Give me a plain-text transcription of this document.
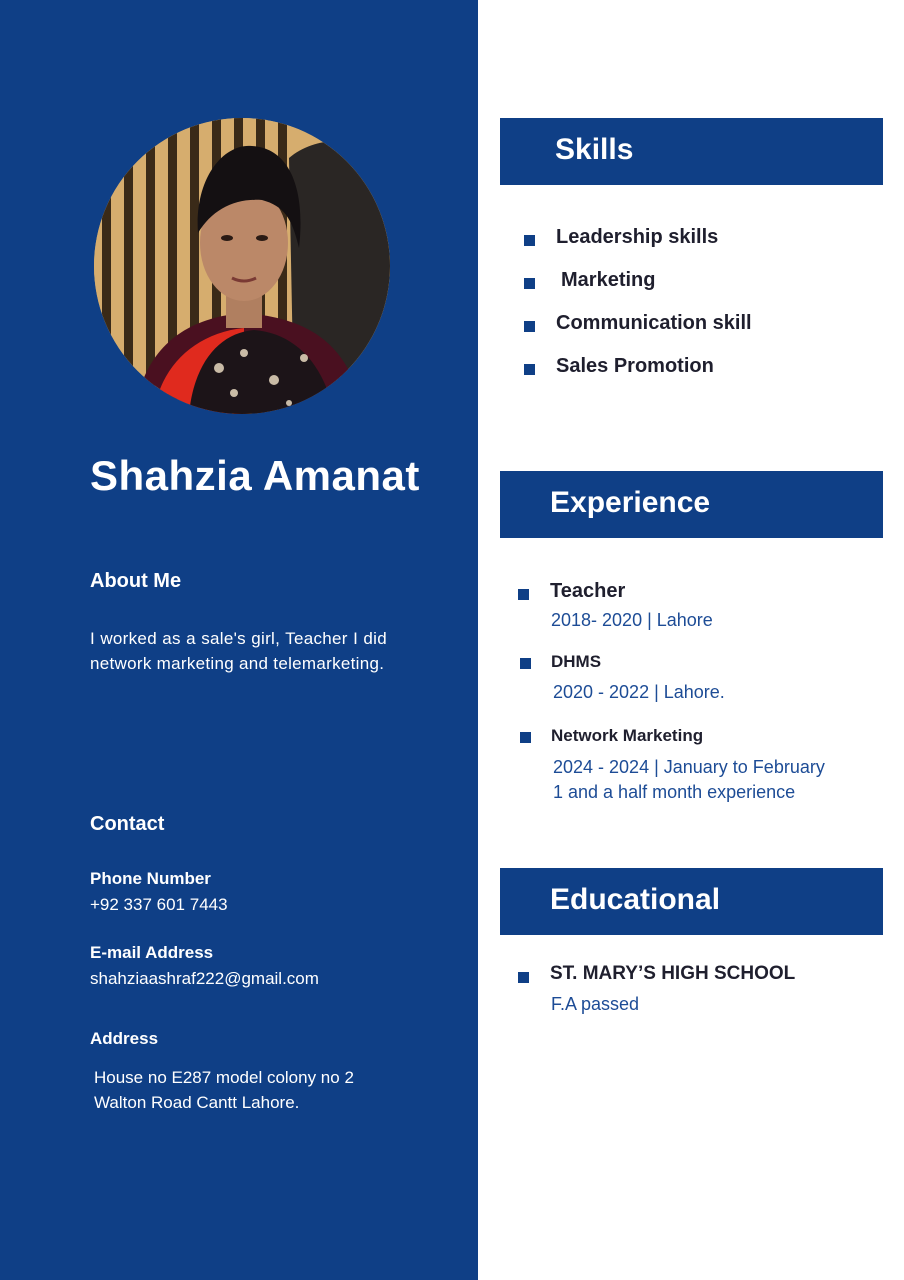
Shahzia Amanat
About Me

I worked as a sale's girl, Teacher I did network marketing and telemarketing.

Contact

Phone Number

+92 337 601 7443

E-mail Address

shahziaashraf222@gmail.com

Address

House no E287 model colony no 2 Walton Road Cantt Lahore.

Skills

Leadership skills

Marketing

Communication skill

Sales Promotion

Experience

Teacher

2018- 2020 | Lahore

DHMS

2020 - 2022 | Lahore.

Network Marketing

2024 - 2024 | January to February 1 and a half month experience

Educational

ST. MARY’S HIGH SCHOOL

F.A passed
